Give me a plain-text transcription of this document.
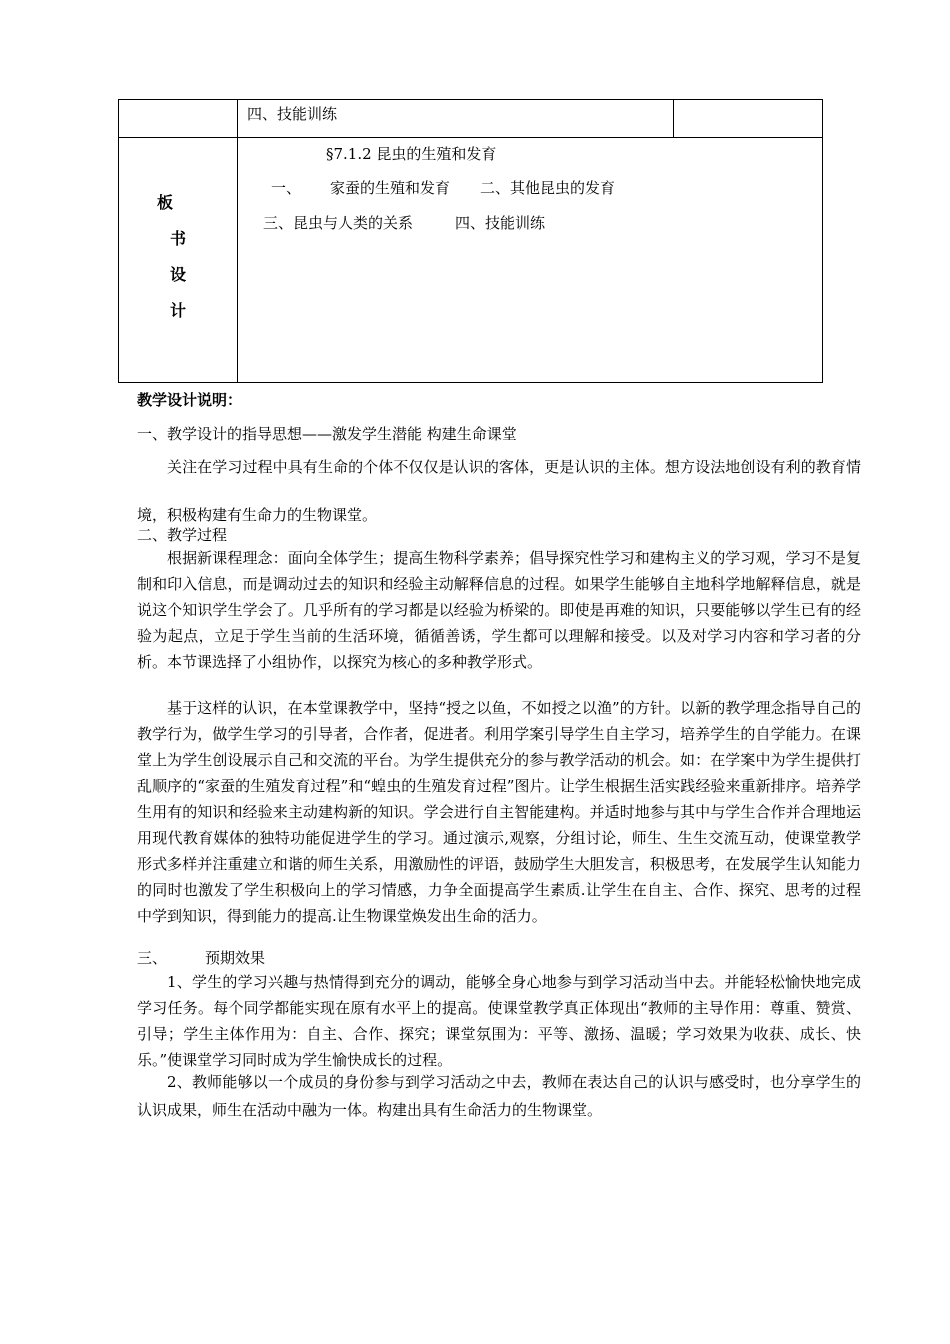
四、技能训练
板
书
设
计
§7.1.2 昆虫的生殖和发育
一、 家蚕的生殖和发育 二、其他昆虫的发育
三、昆虫与人类的关系	四、技能训练
教学设计说明：
一、教学设计的指导思想——激发学生潜能 构建生命课堂
关注在学习过程中具有生命的个体不仅仅是认识的客体，更是认识的主体。想方设法地创设有利的教育情境，积极构建有生命力的生物课堂。
二、教学过程
根据新课程理念：面向全体学生；提高生物科学素养；倡导探究性学习和建构主义的学习观，学习不是复制和印入信息，而是调动过去的知识和经验主动解释信息的过程。如果学生能够自主地科学地解释信息，就是说这个知识学生学会了。几乎所有的学习都是以经验为桥梁的。即使是再难的知识，只要能够以学生已有的经验为起点，立足于学生当前的生活环境，循循善诱，学生都可以理解和接受。以及对学习内容和学习者的分析。本节课选择了小组协作，以探究为核心的多种教学形式。
基于这样的认识，在本堂课教学中，坚持“授之以鱼，不如授之以渔”的方针。以新的教学理念指导自己的教学行为，做学生学习的引导者，合作者，促进者。利用学案引导学生自主学习，培养学生的自学能力。在课堂上为学生创设展示自己和交流的平台。为学生提供充分的参与教学活动的机会。如：在学案中为学生提供打乱顺序的“家蚕的生殖发育过程”和“蝗虫的生殖发育过程”图片。让学生根据生活实践经验来重新排序。培养学生用有的知识和经验来主动建构新的知识。学会进行自主智能建构。并适时地参与其中与学生合作并合理地运用现代教育媒体的独特功能促进学生的学习。通过演示,观察，分组讨论，师生、生生交流互动，使课堂教学形式多样并注重建立和谐的师生关系，用激励性的评语，鼓励学生大胆发言，积极思考，在发展学生认知能力的同时也激发了学生积极向上的学习情感，力争全面提高学生素质.让学生在自主、合作、探究、思考的过程中学到知识，得到能力的提高.让生物课堂焕发出生命的活力。
三、	预期效果
1、学生的学习兴趣与热情得到充分的调动，能够全身心地参与到学习活动当中去。并能轻松愉快地完成学习任务。每个同学都能实现在原有水平上的提高。使课堂教学真正体现出“教师的主导作用：尊重、赞赏、引导；学生主体作用为：自主、合作、探究；课堂氛围为：平等、激扬、温暖；学习效果为收获、成长、快乐。”使课堂学习同时成为学生愉快成长的过程。
2、教师能够以一个成员的身份参与到学习活动之中去，教师在表达自己的认识与感受时，也分享学生的认识成果，师生在活动中融为一体。构建出具有生命活力的生物课堂。
